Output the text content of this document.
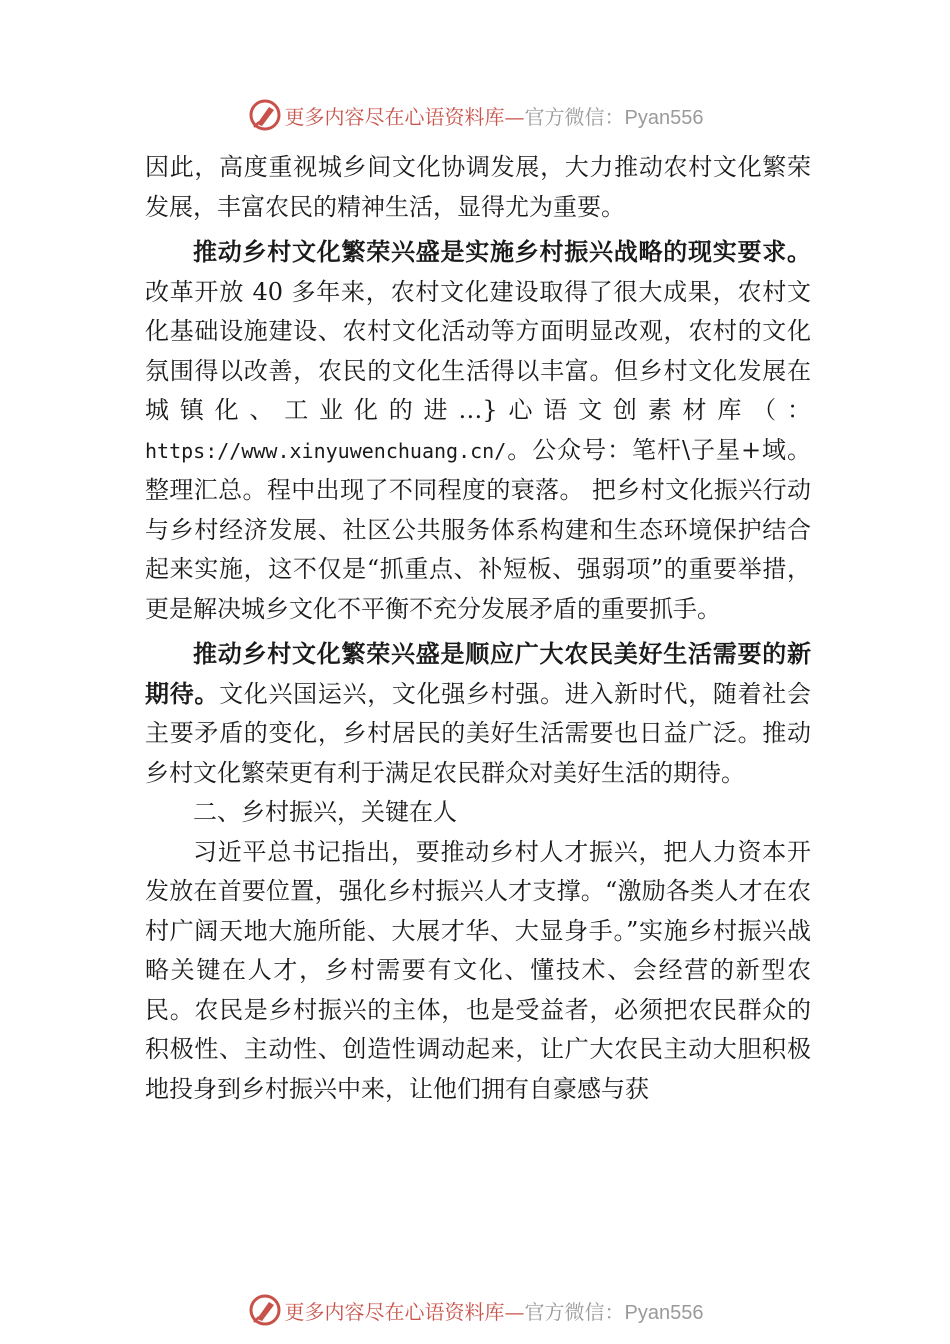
更多内容尽在心语资料库—官方微信：Pyan556

因此，高度重视城乡间文化协调发展，大力推动农村文化繁荣发展，丰富农民的精神生活，显得尤为重要。

推动乡村文化繁荣兴盛是实施乡村振兴战略的现实要求。改革开放 40 多年来，农村文化建设取得了很大成果，农村文化基础设施建设、农村文化活动等方面明显改观，农村的文化氛围得以改善，农民的文化生活得以丰富。但乡村文化发展在城镇化、工业化的进…}心语文创素材库（：https://www.xinyuwenchuang.cn/。公众号：笔杆\子星+域。整理汇总。程中出现了不同程度的衰落。 把乡村文化振兴行动与乡村经济发展、社区公共服务体系构建和生态环境保护结合起来实施，这不仅是“抓重点、补短板、强弱项”的重要举措，更是解决城乡文化不平衡不充分发展矛盾的重要抓手。

推动乡村文化繁荣兴盛是顺应广大农民美好生活需要的新期待。文化兴国运兴，文化强乡村强。进入新时代，随着社会主要矛盾的变化，乡村居民的美好生活需要也日益广泛。推动乡村文化繁荣更有利于满足农民群众对美好生活的期待。

二、乡村振兴，关键在人

习近平总书记指出，要推动乡村人才振兴，把人力资本开发放在首要位置，强化乡村振兴人才支撑。“激励各类人才在农村广阔天地大施所能、大展才华、大显身手。”实施乡村振兴战略关键在人才，乡村需要有文化、懂技术、会经营的新型农民。农民是乡村振兴的主体，也是受益者，必须把农民群众的积极性、主动性、创造性调动起来，让广大农民主动大胆积极地投身到乡村振兴中来，让他们拥有自豪感与获

更多内容尽在心语资料库—官方微信：Pyan556
